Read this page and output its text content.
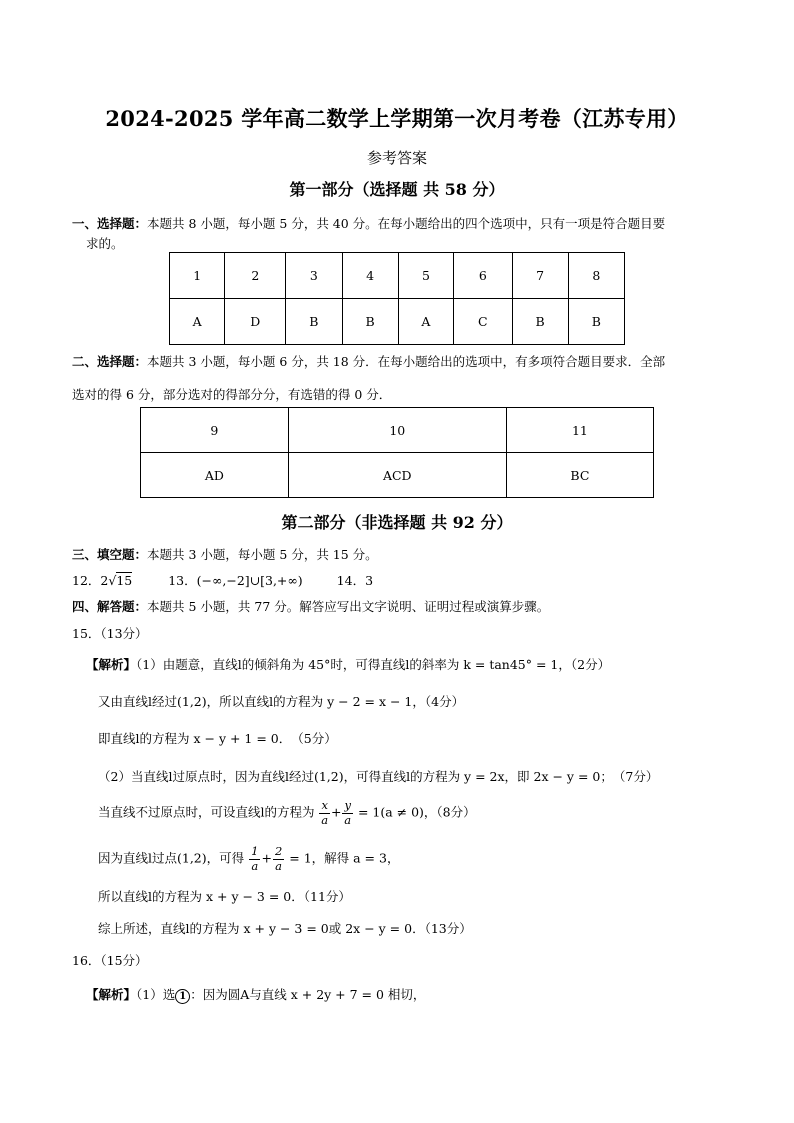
2024-2025 学年高二数学上学期第一次月考卷（江苏专用）
参考答案
第一部分（选择题 共 58 分）
一、选择题：本题共 8 小题，每小题 5 分，共 40 分。在每小题给出的四个选项中，只有一项是符合题目要
求的。
1	2	3	4	5	6	7	8
A	D	B	B	A	C	B	B
二、选择题：本题共 3 小题，每小题 6 分，共 18 分．在每小题给出的选项中，有多项符合题目要求．全部
选对的得 6 分，部分选对的得部分分，有选错的得 0 分．
9	10	11
AD	ACD	BC
第二部分（非选择题 共 92 分）
三、填空题：本题共 3 小题，每小题 5 分，共 15 分。
12．2√15	13．(−∞,−2]∪[3,+∞)	14．3
四、解答题：本题共 5 小题，共 77 分。解答应写出文字说明、证明过程或演算步骤。
15．（13分）
【解析】（1）由题意，直线l的倾斜角为 45°时，可得直线l的斜率为 k = tan45° = 1，（2分）
又由直线l经过(1,2)，所以直线l的方程为 y − 2 = x − 1，（4分）
即直线l的方程为 x − y + 1 = 0．　（5分）
（2）当直线l过原点时，因为直线l经过(1,2)，可得直线l的方程为 y = 2x，即 2x − y = 0；　（7分）
当直线不过原点时，可设直线l的方程为 $\frac{x}{a} + \frac{y}{a} = 1(a \ne 0)$，（8分）
因为直线l过点(1,2)，可得 $\frac{1}{a} + \frac{2}{a} = 1$，解得 a = 3，
所以直线l的方程为 x + y − 3 = 0．（11分）
综上所述，直线l的方程为 x + y − 3 = 0或 2x − y = 0．（13分）
16．（15分）
【解析】（1）选 1 ：因为圆A与直线 x + 2y + 7 = 0 相切，
